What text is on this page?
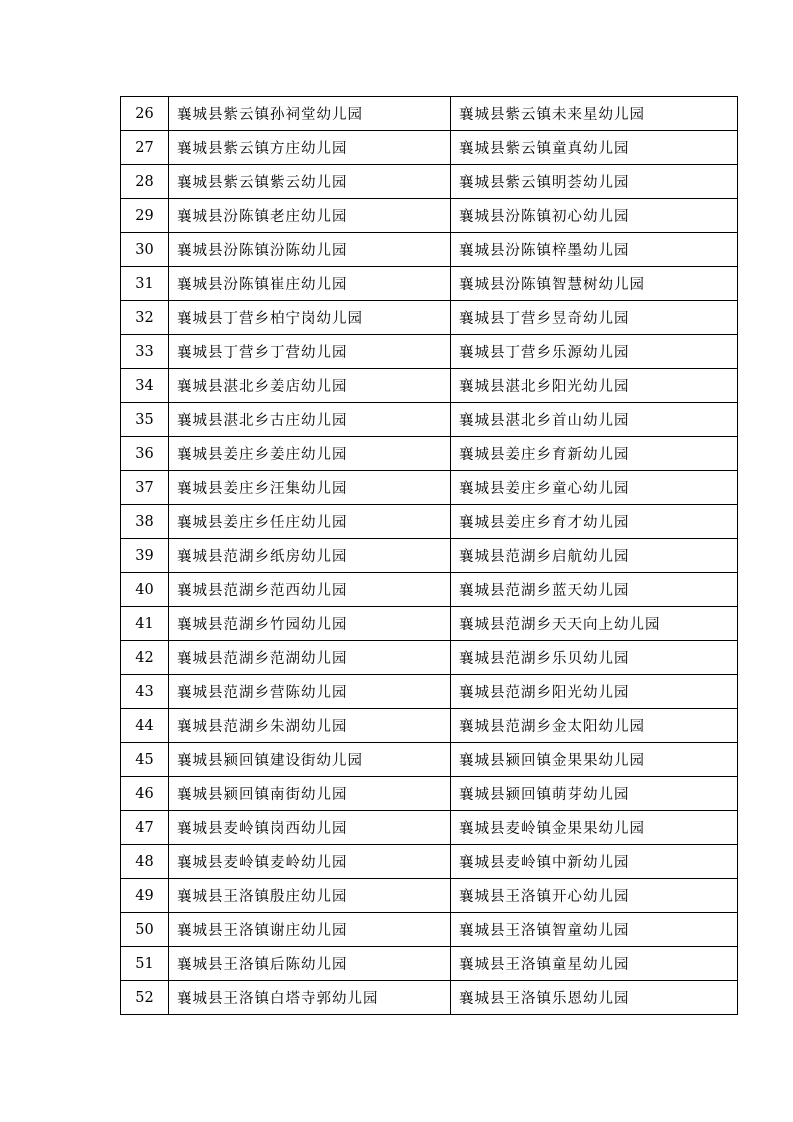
26	襄城县紫云镇孙祠堂幼儿园	襄城县紫云镇未来星幼儿园
27	襄城县紫云镇方庄幼儿园	襄城县紫云镇童真幼儿园
28	襄城县紫云镇紫云幼儿园	襄城县紫云镇明荟幼儿园
29	襄城县汾陈镇老庄幼儿园	襄城县汾陈镇初心幼儿园
30	襄城县汾陈镇汾陈幼儿园	襄城县汾陈镇梓墨幼儿园
31	襄城县汾陈镇崔庄幼儿园	襄城县汾陈镇智慧树幼儿园
32	襄城县丁营乡柏宁岗幼儿园	襄城县丁营乡昱奇幼儿园
33	襄城县丁营乡丁营幼儿园	襄城县丁营乡乐源幼儿园
34	襄城县湛北乡姜店幼儿园	襄城县湛北乡阳光幼儿园
35	襄城县湛北乡古庄幼儿园	襄城县湛北乡首山幼儿园
36	襄城县姜庄乡姜庄幼儿园	襄城县姜庄乡育新幼儿园
37	襄城县姜庄乡汪集幼儿园	襄城县姜庄乡童心幼儿园
38	襄城县姜庄乡任庄幼儿园	襄城县姜庄乡育才幼儿园
39	襄城县范湖乡纸房幼儿园	襄城县范湖乡启航幼儿园
40	襄城县范湖乡范西幼儿园	襄城县范湖乡蓝天幼儿园
41	襄城县范湖乡竹园幼儿园	襄城县范湖乡天天向上幼儿园
42	襄城县范湖乡范湖幼儿园	襄城县范湖乡乐贝幼儿园
43	襄城县范湖乡营陈幼儿园	襄城县范湖乡阳光幼儿园
44	襄城县范湖乡朱湖幼儿园	襄城县范湖乡金太阳幼儿园
45	襄城县颍回镇建设街幼儿园	襄城县颍回镇金果果幼儿园
46	襄城县颍回镇南街幼儿园	襄城县颍回镇萌芽幼儿园
47	襄城县麦岭镇岗西幼儿园	襄城县麦岭镇金果果幼儿园
48	襄城县麦岭镇麦岭幼儿园	襄城县麦岭镇中新幼儿园
49	襄城县王洛镇殷庄幼儿园	襄城县王洛镇开心幼儿园
50	襄城县王洛镇谢庄幼儿园	襄城县王洛镇智童幼儿园
51	襄城县王洛镇后陈幼儿园	襄城县王洛镇童星幼儿园
52	襄城县王洛镇白塔寺郭幼儿园	襄城县王洛镇乐恩幼儿园
